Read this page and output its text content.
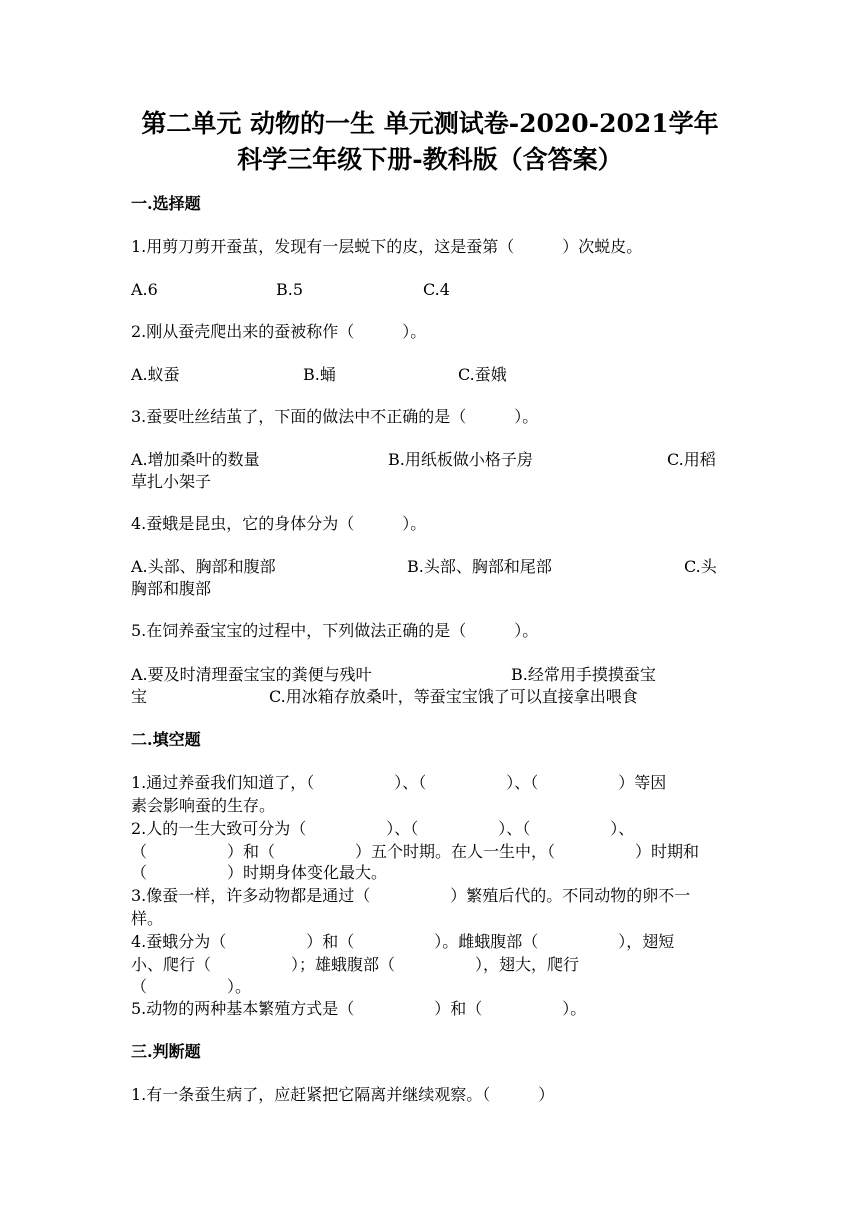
第二单元 动物的一生 单元测试卷-2020-2021学年
科学三年级下册-教科版（含答案）
一.选择题
1.用剪刀剪开蚕茧，发现有一层蜕下的皮，这是蚕第（　　　）次蜕皮。
A.6	B.5	C.4
2.刚从蚕壳爬出来的蚕被称作（　　　）。
A.蚁蚕	B.蛹	C.蚕娥
3.蚕要吐丝结茧了，下面的做法中不正确的是（　　　）。
A.增加桑叶的数量	B.用纸板做小格子房	C.用稻
草扎小架子
4.蚕蛾是昆虫，它的身体分为（　　　）。
A.头部、胸部和腹部	B.头部、胸部和尾部	C.头
胸部和腹部
5.在饲养蚕宝宝的过程中，下列做法正确的是（　　　）。
A.要及时清理蚕宝宝的粪便与残叶	B.经常用手摸摸蚕宝
宝	C.用冰箱存放桑叶，等蚕宝宝饿了可以直接拿出喂食
二.填空题
1.通过养蚕我们知道了，（　　　　　）、（　　　　　）、（　　　　　）等因
素会影响蚕的生存。
2.人的一生大致可分为（　　　　　）、（　　　　　）、（　　　　　）、
（　　　　　）和（　　　　　）五个时期。在人一生中，（　　　　　）时期和
（　　　　　）时期身体变化最大。
3.像蚕一样，许多动物都是通过（　　　　　）繁殖后代的。不同动物的卵不一
样。
4.蚕蛾分为（　　　　　）和（　　　　　）。雌蛾腹部（　　　　　），翅短
小、爬行（　　　　　）；雄蛾腹部（　　　　　），翅大，爬行
（　　　　　）。
5.动物的两种基本繁殖方式是（　　　　　）和（　　　　　）。
三.判断题
1.有一条蚕生病了，应赶紧把它隔离并继续观察。（　　　）
